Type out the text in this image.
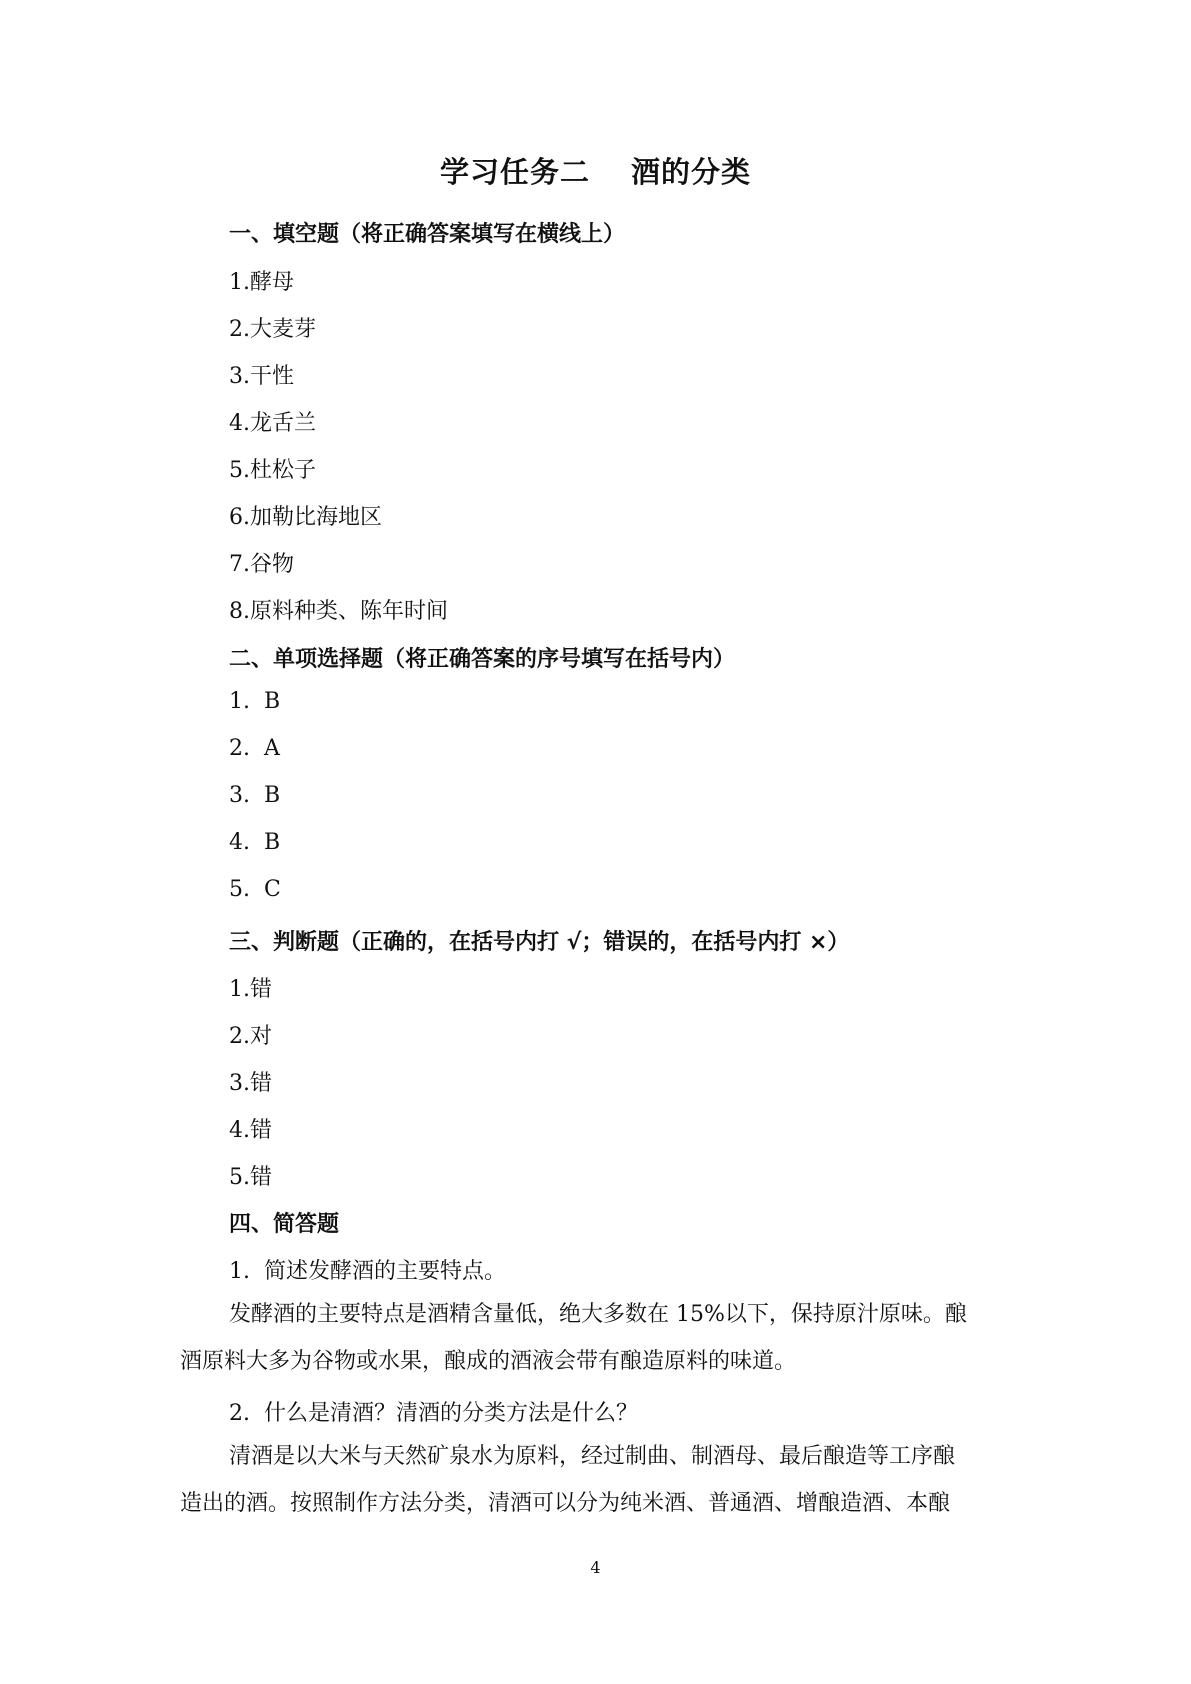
学习任务二　 酒的分类
一、填空题（将正确答案填写在横线上）
1.酵母
2.大麦芽
3.干性
4.龙舌兰
5.杜松子
6.加勒比海地区
7.谷物
8.原料种类、陈年时间
二、单项选择题（将正确答案的序号填写在括号内）
1.  B
2.  A
3.  B
4.  B
5.  C
三、判断题（正确的，在括号内打 √；错误的，在括号内打 ×）
1.错
2.对
3.错
4.错
5.错
四、简答题
1.  简述发酵酒的主要特点。
发酵酒的主要特点是酒精含量低，绝大多数在 15%以下，保持原汁原味。酿
酒原料大多为谷物或水果，酿成的酒液会带有酿造原料的味道。
2.  什么是清酒？清酒的分类方法是什么？
清酒是以大米与天然矿泉水为原料，经过制曲、制酒母、最后酿造等工序酿
造出的酒。按照制作方法分类，清酒可以分为纯米酒、普通酒、增酿造酒、本酿
4
